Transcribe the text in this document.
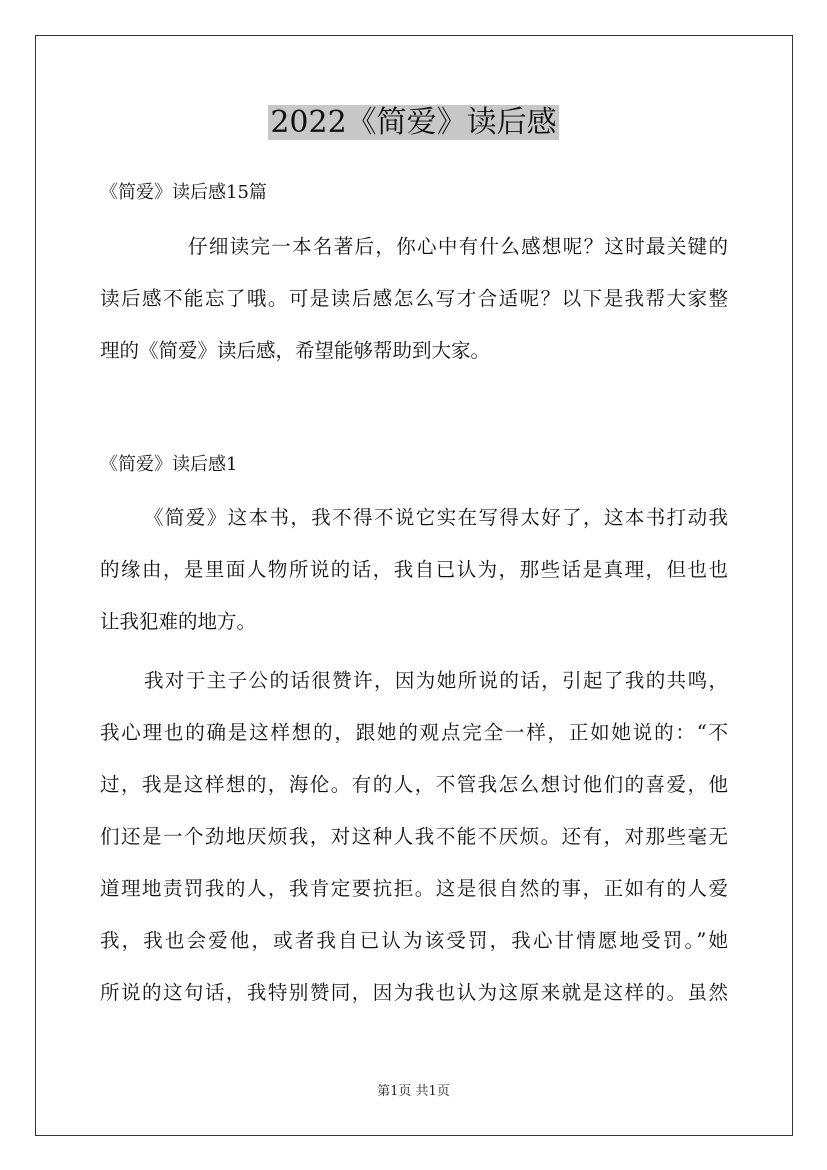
2022《简爱》读后感

《简爱》读后感15篇

仔细读完一本名著后，你心中有什么感想呢？这时最关键的
读后感不能忘了哦。可是读后感怎么写才合适呢？以下是我帮大家整
理的《简爱》读后感，希望能够帮助到大家。

《简爱》读后感1

《简爱》这本书，我不得不说它实在写得太好了，这本书打动我
的缘由，是里面人物所说的话，我自已认为，那些话是真理，但也也
让我犯难的地方。
我对于主子公的话很赞许，因为她所说的话，引起了我的共鸣，
我心理也的确是这样想的，跟她的观点完全一样，正如她说的：“不
过，我是这样想的，海伦。有的人，不管我怎么想讨他们的喜爱，他
们还是一个劲地厌烦我，对这种人我不能不厌烦。还有，对那些毫无
道理地责罚我的人，我肯定要抗拒。这是很自然的事，正如有的人爱
我，我也会爱他，或者我自已认为该受罚，我心甘情愿地受罚。”她
所说的这句话，我特别赞同，因为我也认为这原来就是这样的。虽然
第1页 共1页
